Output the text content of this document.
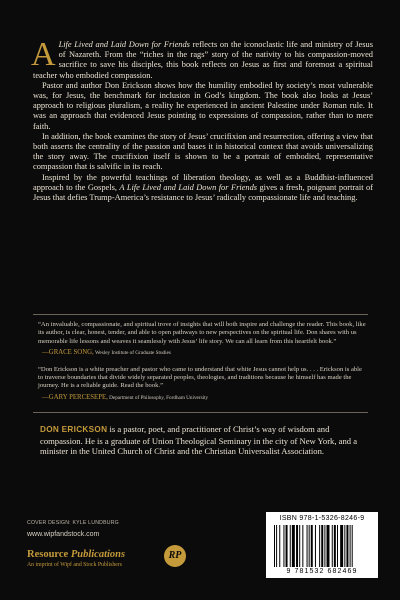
A Life Lived and Laid Down for Friends reflects on the iconoclastic life and ministry of Jesus of Nazareth. From the “riches in the rags” story of the nativity to his compassion-moved sacrifice to save his disciples, this book reflects on Jesus as first and foremost a spiritual teacher who embodied compassion.

Pastor and author Don Erickson shows how the humility embodied by society’s most vulnerable was, for Jesus, the benchmark for inclusion in God’s kingdom. The book also looks at Jesus’ approach to religious pluralism, a reality he experienced in ancient Palestine under Roman rule. It was an approach that evidenced Jesus pointing to expressions of compassion, rather than to mere faith.

In addition, the book examines the story of Jesus’ crucifixion and resurrection, offering a view that both asserts the centrality of the passion and bases it in historical context that avoids universalizing the story away. The crucifixion itself is shown to be a portrait of embodied, representative compassion that is salvific in its reach.

Inspired by the powerful teachings of liberation theology, as well as a Buddhist-influenced approach to the Gospels, A Life Lived and Laid Down for Friends gives a fresh, poignant portrait of Jesus that defies Trump-America’s resistance to Jesus’ radically compassionate life and teaching.

“An invaluable, compassionate, and spiritual trove of insights that will both inspire and challenge the reader. This book, like its author, is clear, honest, tender, and able to open pathways to new perspectives on the spiritual life. Don shares with us memorable life lessons and weaves it seamlessly with Jesus’ life story. We can all learn from this heartfelt book.”

—GRACE SONG, Wesley Institute of Graduate Studies

“Don Erickson is a white preacher and pastor who came to understand that white Jesus cannot help us. . . . Erickson is able to traverse boundaries that divide widely separated peoples, theologies, and traditions because he himself has made the journey. He is a reliable guide. Read the book.”

—GARY PERCESEPE, Department of Philosophy, Fordham University

DON ERICKSON is a pastor, poet, and practitioner of Christ’s way of wisdom and compassion. He is a graduate of Union Theological Seminary in the city of New York, and a minister in the United Church of Christ and the Christian Universalist Association.
COVER DESIGN: KYLE LUNDBURG
www.wipfandstock.com
Resource Publications
An imprint of Wipf and Stock Publishers
RP
ISBN 978-1-5326-8246-9
9 781532 682469
